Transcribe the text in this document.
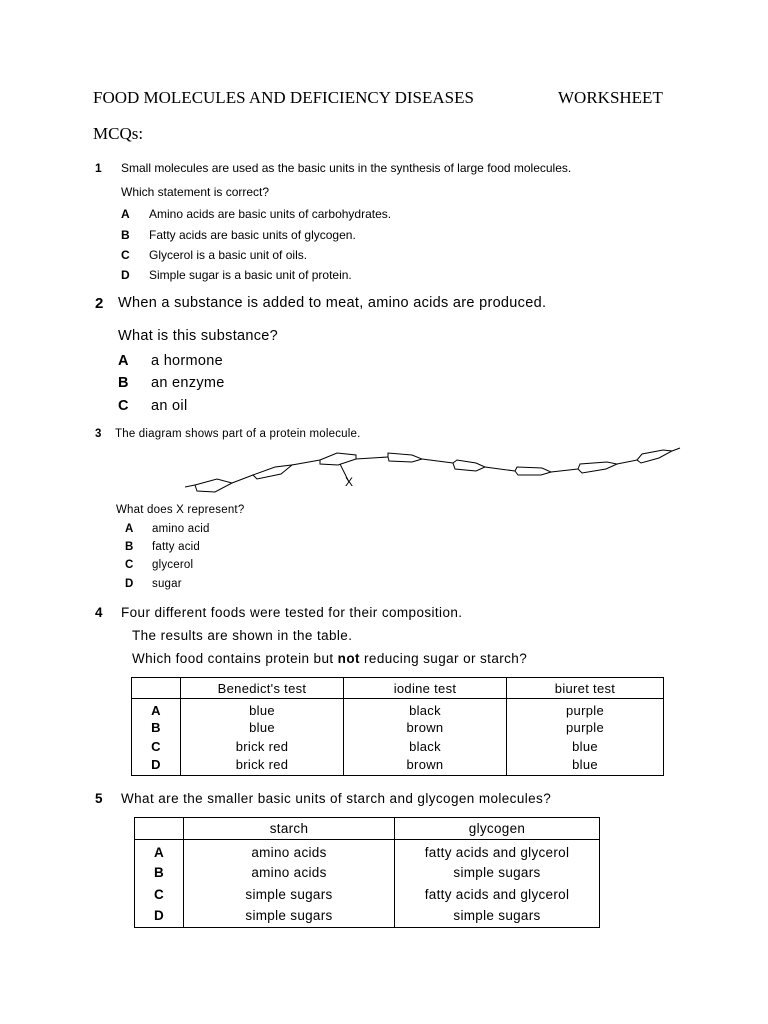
FOOD MOLECULES AND DEFICIENCY DISEASES	WORKSHEET
MCQs:
1 Small molecules are used as the basic units in the synthesis of large food molecules.
Which statement is correct?
A Amino acids are basic units of carbohydrates.
B Fatty acids are basic units of glycogen.
C Glycerol is a basic unit of oils.
D Simple sugar is a basic unit of protein.
2 When a substance is added to meat, amino acids are produced.
What is this substance?
A a hormone
B an enzyme
C an oil
3 The diagram shows part of a protein molecule.
X
What does X represent?
A amino acid
B fatty acid
C glycerol
D sugar
4 Four different foods were tested for their composition.
The results are shown in the table.
Which food contains protein but not reducing sugar or starch?
	Benedict's test	iodine test	biuret test
A	blue	black	purple
B	blue	brown	purple
C	brick red	black	blue
D	brick red	brown	blue
5 What are the smaller basic units of starch and glycogen molecules?
	starch	glycogen
A	amino acids	fatty acids and glycerol
B	amino acids	simple sugars
C	simple sugars	fatty acids and glycerol
D	simple sugars	simple sugars
